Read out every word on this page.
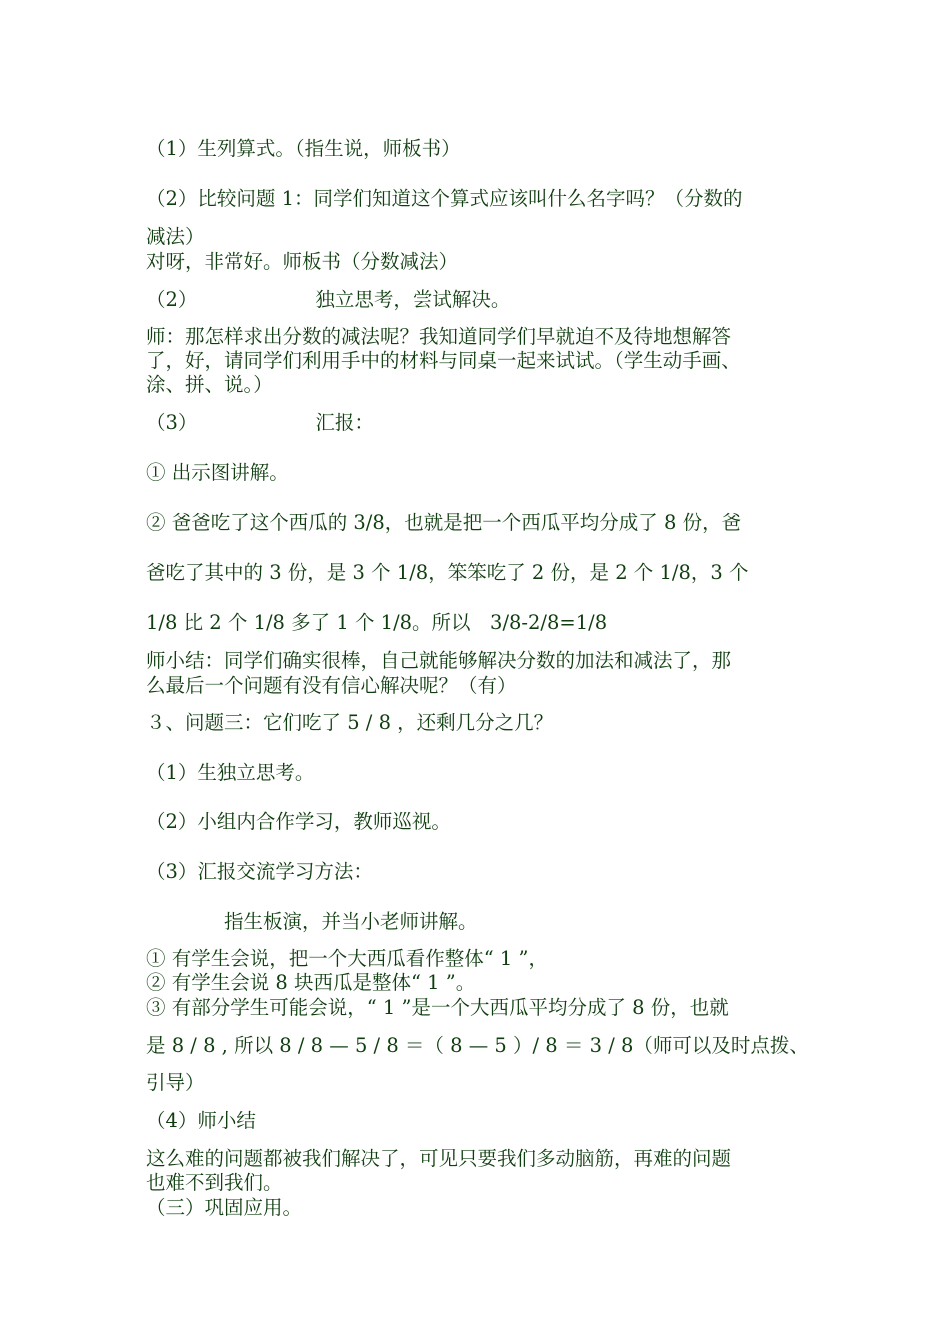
（1）生列算式。（指生说，师板书）
（2）比较问题 1：同学们知道这个算式应该叫什么名字吗？（分数的
减法）
对呀，非常好。师板书（分数减法）
（2）	独立思考，尝试解决。
师：那怎样求出分数的减法呢？我知道同学们早就迫不及待地想解答
了，好，请同学们利用手中的材料与同桌一起来试试。（学生动手画、
涂、拼、说。）
（3）	汇报：
① 出示图讲解。
② 爸爸吃了这个西瓜的 3/8，也就是把一个西瓜平均分成了 8 份，爸
爸吃了其中的 3 份，是 3 个 1/8，笨笨吃了 2 份，是 2 个 1/8，3 个
1/8 比 2 个 1/8 多了 1 个 1/8。所以　3/8-2/8=1/8
师小结：同学们确实很棒，自己就能够解决分数的加法和减法了，那
么最后一个问题有没有信心解决呢？（有）
３、问题三：它们吃了 5 / 8 ，还剩几分之几？
（1）生独立思考。
（2）小组内合作学习，教师巡视。
（3）汇报交流学习方法：
指生板演，并当小老师讲解。
① 有学生会说，把一个大西瓜看作整体“ 1 ”，
② 有学生会说 8 块西瓜是整体“ 1 ”。
③ 有部分学生可能会说，“ 1 ”是一个大西瓜平均分成了 8 份，也就
是 8 / 8 , 所以 8 / 8 — 5 / 8 ＝（ 8 — 5 ）/ 8 ＝ 3 / 8（师可以及时点拨、
引导）
（4）师小结
这么难的问题都被我们解决了，可见只要我们多动脑筋，再难的问题
也难不到我们。
（三）巩固应用。
